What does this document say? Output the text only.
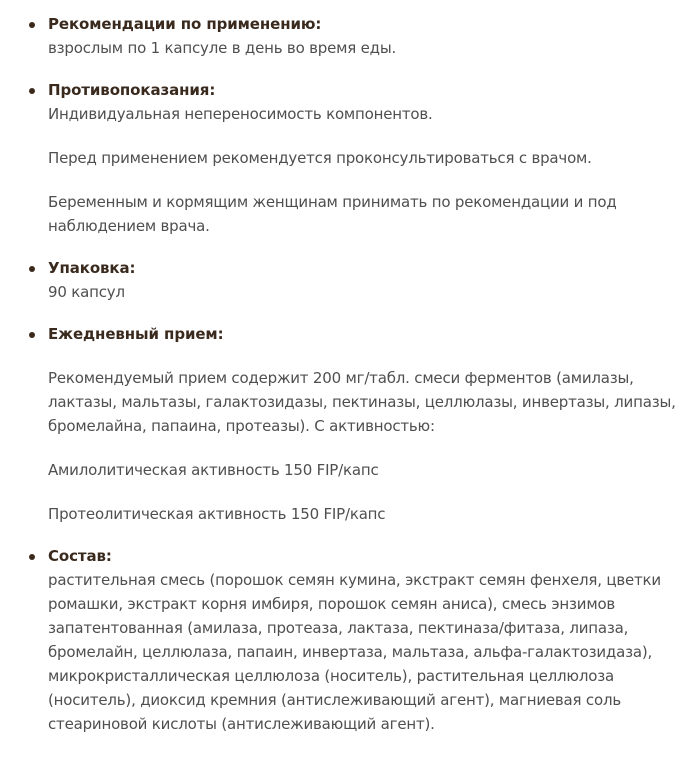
Рекомендации по применению:

взрослым по 1 капсуле в день во время еды.

Противопоказания:

Индивидуальная непереносимость компонентов.

Перед применением рекомендуется проконсультироваться с врачом.

Беременным и кормящим женщинам принимать по рекомендации и под наблюдением врача.

Упаковка:

90 капсул

Ежедневный прием:

Рекомендуемый прием содержит 200 мг/табл. смеси ферментов (амилазы, лактазы, мальтазы, галактозидазы, пектиназы, целлюлазы, инвертазы, липазы, бромелайна, папаина, протеазы). С активностью:

Амилолитическая активность 150 FIP/капс

Протеолитическая активность 150 FIP/капс

Состав:

растительная смесь (порошок семян кумина, экстракт семян фенхеля, цветки ромашки, экстракт корня имбиря, порошок семян аниса), смесь энзимов запатентованная (амилаза, протеаза, лактаза, пектиназа/фитаза, липаза, бромелайн, целлюлаза, папаин, инвертаза, мальтаза, альфа-галактозидаза), микрокристаллическая целлюлоза (носитель), растительная целлюлоза (носитель), диоксид кремния (антислеживающий агент), магниевая соль стеариновой кислоты (антислеживающий агент).
